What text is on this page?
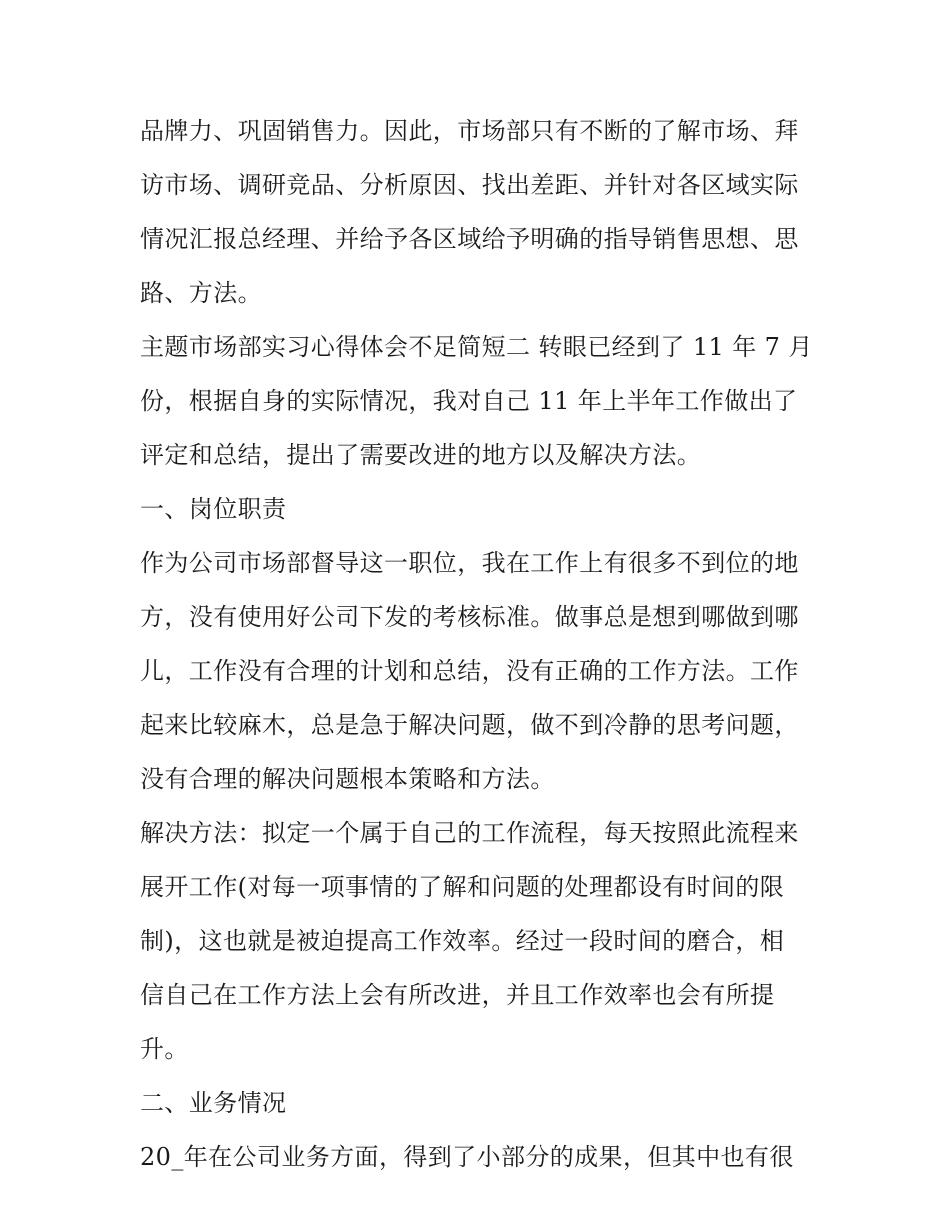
品牌力、巩固销售力。因此，市场部只有不断的了解市场、拜
访市场、调研竞品、分析原因、找出差距、并针对各区域实际
情况汇报总经理、并给予各区域给予明确的指导销售思想、思
路、方法。
主题市场部实习心得体会不足简短二 转眼已经到了 11 年 7 月
份，根据自身的实际情况，我对自己 11 年上半年工作做出了
评定和总结，提出了需要改进的地方以及解决方法。
一、岗位职责
作为公司市场部督导这一职位，我在工作上有很多不到位的地
方，没有使用好公司下发的考核标准。做事总是想到哪做到哪
儿，工作没有合理的计划和总结，没有正确的工作方法。工作
起来比较麻木，总是急于解决问题，做不到冷静的思考问题，
没有合理的解决问题根本策略和方法。
解决方法：拟定一个属于自己的工作流程，每天按照此流程来
展开工作(对每一项事情的了解和问题的处理都设有时间的限
制)，这也就是被迫提高工作效率。经过一段时间的磨合，相
信自己在工作方法上会有所改进，并且工作效率也会有所提
升。
二、业务情况
20_年在公司业务方面，得到了小部分的成果，但其中也有很
